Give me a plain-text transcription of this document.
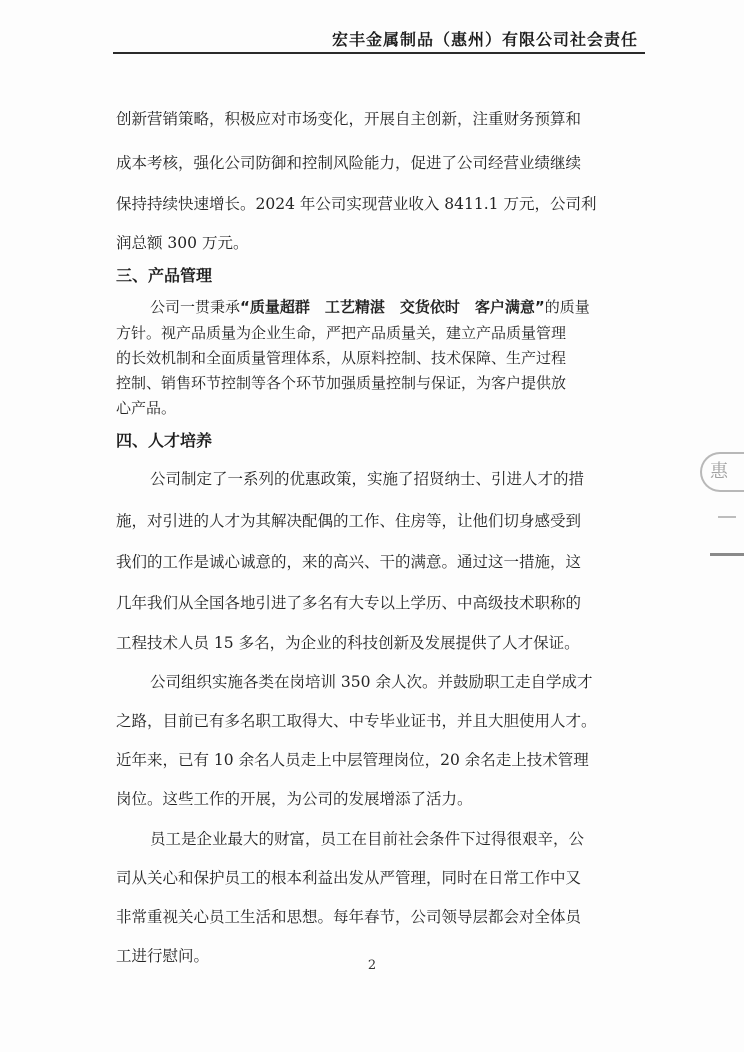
宏丰金属制品（惠州）有限公司社会责任
创新营销策略，积极应对市场变化，开展自主创新，注重财务预算和
成本考核，强化公司防御和控制风险能力，促进了公司经营业绩继续
保持持续快速增长。2024 年公司实现营业收入 8411.1 万元，公司利
润总额 300 万元。
三、产品管理
公司一贯秉承“质量超群　工艺精湛　交货依时　客户满意”的质量
方针。视产品质量为企业生命，严把产品质量关，建立产品质量管理
的长效机制和全面质量管理体系，从原料控制、技术保障、生产过程
控制、销售环节控制等各个环节加强质量控制与保证，为客户提供放
心产品。
四、人才培养
公司制定了一系列的优惠政策，实施了招贤纳士、引进人才的措
施，对引进的人才为其解决配偶的工作、住房等，让他们切身感受到
我们的工作是诚心诚意的，来的高兴、干的满意。通过这一措施，这
几年我们从全国各地引进了多名有大专以上学历、中高级技术职称的
工程技术人员 15 多名，为企业的科技创新及发展提供了人才保证。
公司组织实施各类在岗培训 350 余人次。并鼓励职工走自学成才
之路，目前已有多名职工取得大、中专毕业证书，并且大胆使用人才。
近年来，已有 10 余名人员走上中层管理岗位，20 余名走上技术管理
岗位。这些工作的开展，为公司的发展增添了活力。
员工是企业最大的财富，员工在目前社会条件下过得很艰辛，公
司从关心和保护员工的根本利益出发从严管理，同时在日常工作中又
非常重视关心员工生活和思想。每年春节，公司领导层都会对全体员
工进行慰问。
2
惠
